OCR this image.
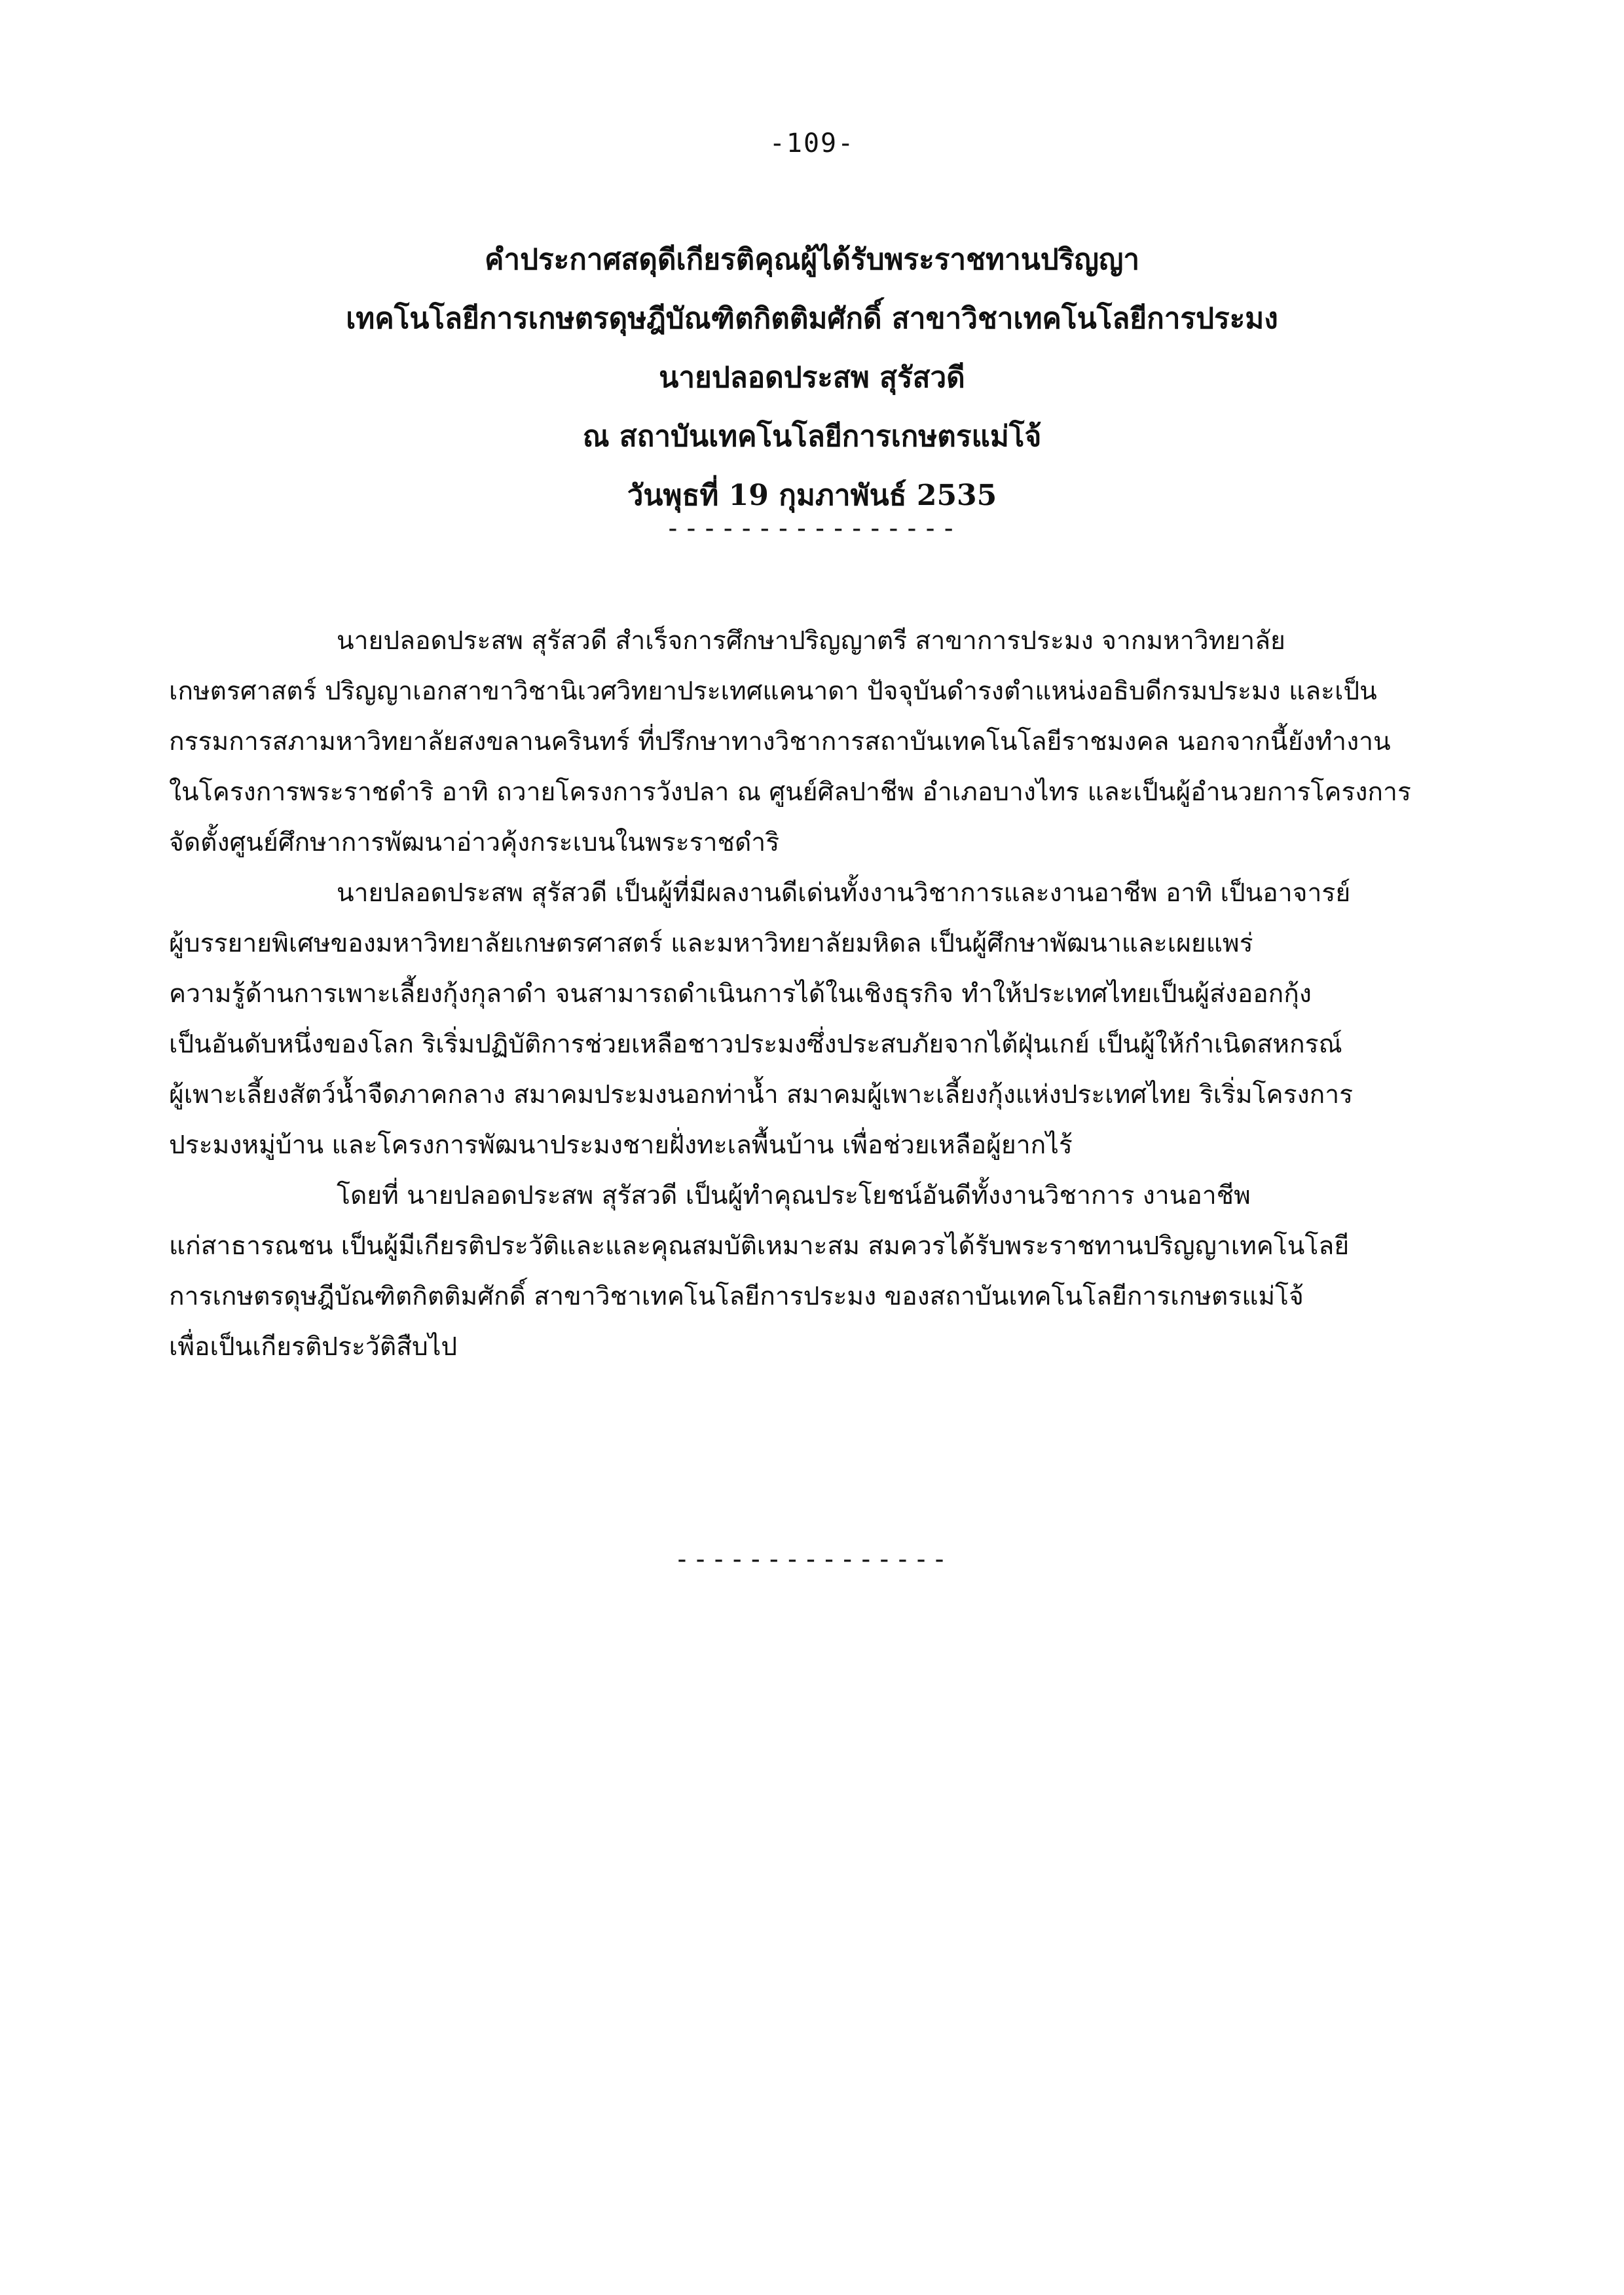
-109-
คำประกาศสดุดีเกียรติคุณผู้ได้รับพระราชทานปริญญา
เทคโนโลยีการเกษตรดุษฎีบัณฑิตกิตติมศักดิ์ สาขาวิชาเทคโนโลยีการประมง
นายปลอดประสพ สุรัสวดี
ณ สถาบันเทคโนโลยีการเกษตรแม่โจ้
วันพุธที่ 19 กุมภาพันธ์ 2535
----------------

นายปลอดประสพ สุรัสวดี สำเร็จการศึกษาปริญญาตรี สาขาการประมง จากมหาวิทยาลัย
เกษตรศาสตร์ ปริญญาเอกสาขาวิชานิเวศวิทยาประเทศแคนาดา ปัจจุบันดำรงตำแหน่งอธิบดีกรมประมง และเป็น
กรรมการสภามหาวิทยาลัยสงขลานครินทร์ ที่ปรึกษาทางวิชาการสถาบันเทคโนโลยีราชมงคล นอกจากนี้ยังทำงาน
ในโครงการพระราชดำริ อาทิ ถวายโครงการวังปลา ณ ศูนย์ศิลปาชีพ อำเภอบางไทร และเป็นผู้อำนวยการโครงการ
จัดตั้งศูนย์ศึกษาการพัฒนาอ่าวคุ้งกระเบนในพระราชดำริ

นายปลอดประสพ สุรัสวดี เป็นผู้ที่มีผลงานดีเด่นทั้งงานวิชาการและงานอาชีพ อาทิ เป็นอาจารย์
ผู้บรรยายพิเศษของมหาวิทยาลัยเกษตรศาสตร์ และมหาวิทยาลัยมหิดล เป็นผู้ศึกษาพัฒนาและเผยแพร่
ความรู้ด้านการเพาะเลี้ยงกุ้งกุลาดำ จนสามารถดำเนินการได้ในเชิงธุรกิจ ทำให้ประเทศไทยเป็นผู้ส่งออกกุ้ง
เป็นอันดับหนึ่งของโลก ริเริ่มปฏิบัติการช่วยเหลือชาวประมงซึ่งประสบภัยจากไต้ฝุ่นเกย์ เป็นผู้ให้กำเนิดสหกรณ์
ผู้เพาะเลี้ยงสัตว์น้ำจืดภาคกลาง สมาคมประมงนอกท่าน้ำ สมาคมผู้เพาะเลี้ยงกุ้งแห่งประเทศไทย ริเริ่มโครงการ
ประมงหมู่บ้าน และโครงการพัฒนาประมงชายฝั่งทะเลพื้นบ้าน เพื่อช่วยเหลือผู้ยากไร้

โดยที่ นายปลอดประสพ สุรัสวดี เป็นผู้ทำคุณประโยชน์อันดีทั้งงานวิชาการ งานอาชีพ
แก่สาธารณชน เป็นผู้มีเกียรติประวัติและและคุณสมบัติเหมาะสม สมควรได้รับพระราชทานปริญญาเทคโนโลยี
การเกษตรดุษฎีบัณฑิตกิตติมศักดิ์ สาขาวิชาเทคโนโลยีการประมง ของสถาบันเทคโนโลยีการเกษตรแม่โจ้
เพื่อเป็นเกียรติประวัติสืบไป

---------------
